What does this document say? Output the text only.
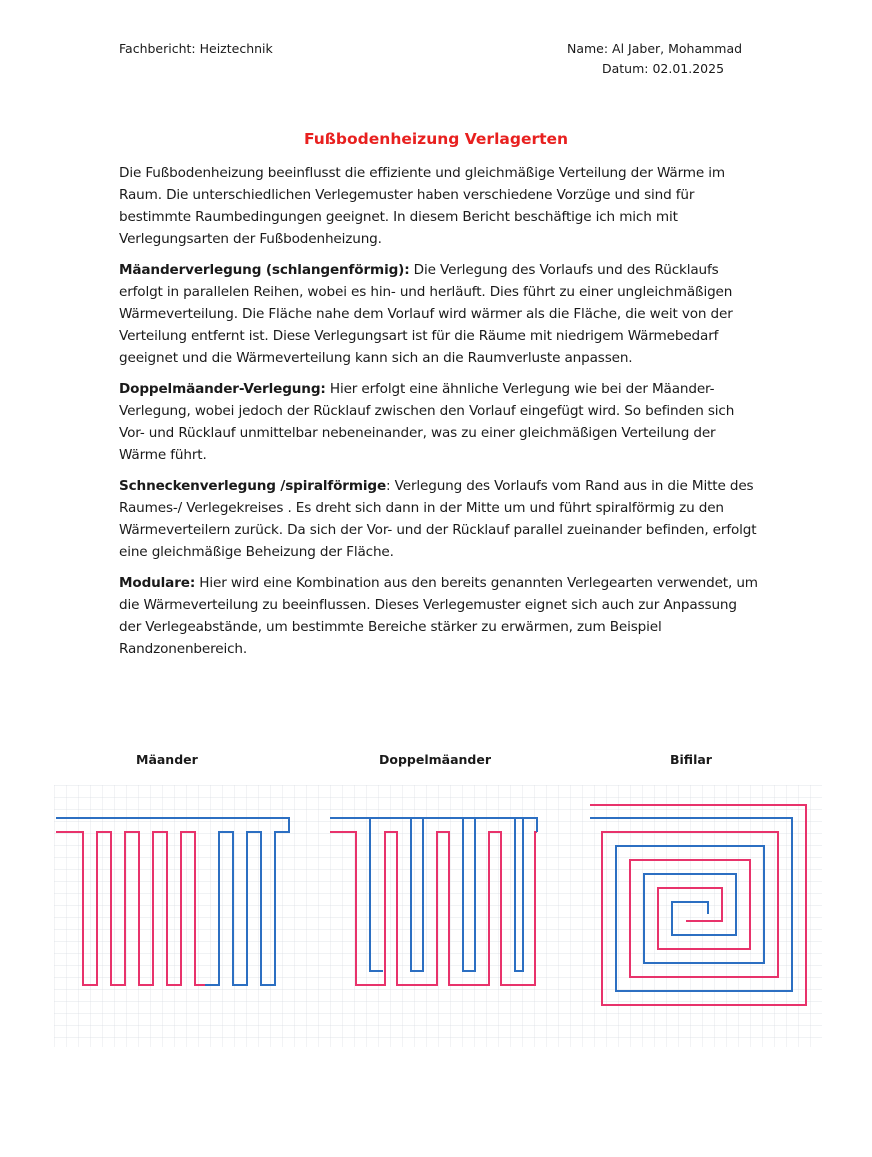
Fachbericht: Heiztechnik	Name: Al Jaber, Mohammad
Datum: 02.01.2025
Fußbodenheizung Verlagerten

Die Fußbodenheizung beeinflusst die effiziente und gleichmäßige Verteilung der Wärme im Raum. Die unterschiedlichen Verlegemuster haben verschiedene Vorzüge und sind für bestimmte Raumbedingungen geeignet. In diesem Bericht beschäftige ich mich mit Verlegungsarten der Fußbodenheizung.

Mäanderverlegung (schlangenförmig): Die Verlegung des Vorlaufs und des Rücklaufs erfolgt in parallelen Reihen, wobei es hin- und herläuft. Dies führt zu einer ungleichmäßigen Wärmeverteilung. Die Fläche nahe dem Vorlauf wird wärmer als die Fläche, die weit von der Verteilung entfernt ist. Diese Verlegungsart ist für die Räume mit niedrigem Wärmebedarf geeignet und die Wärmeverteilung kann sich an die Raumverluste anpassen.

Doppelmäander-Verlegung: Hier erfolgt eine ähnliche Verlegung wie bei der Mäander-Verlegung, wobei jedoch der Rücklauf zwischen den Vorlauf eingefügt wird. So befinden sich Vor- und Rücklauf unmittelbar nebeneinander, was zu einer gleichmäßigen Verteilung der Wärme führt.

Schneckenverlegung /spiralförmige: Verlegung des Vorlaufs vom Rand aus in die Mitte des Raumes-/ Verlegekreises . Es dreht sich dann in der Mitte um und führt spiralförmig zu den Wärmeverteilern zurück. Da sich der Vor- und der Rücklauf parallel zueinander befinden, erfolgt eine gleichmäßige Beheizung der Fläche.

Modulare: Hier wird eine Kombination aus den bereits genannten Verlegearten verwendet, um die Wärmeverteilung zu beeinflussen. Dieses Verlegemuster eignet sich auch zur Anpassung der Verlegeabstände, um bestimmte Bereiche stärker zu erwärmen, zum Beispiel Randzonenbereich.

Mäander	Doppelmäander	Bifilar
